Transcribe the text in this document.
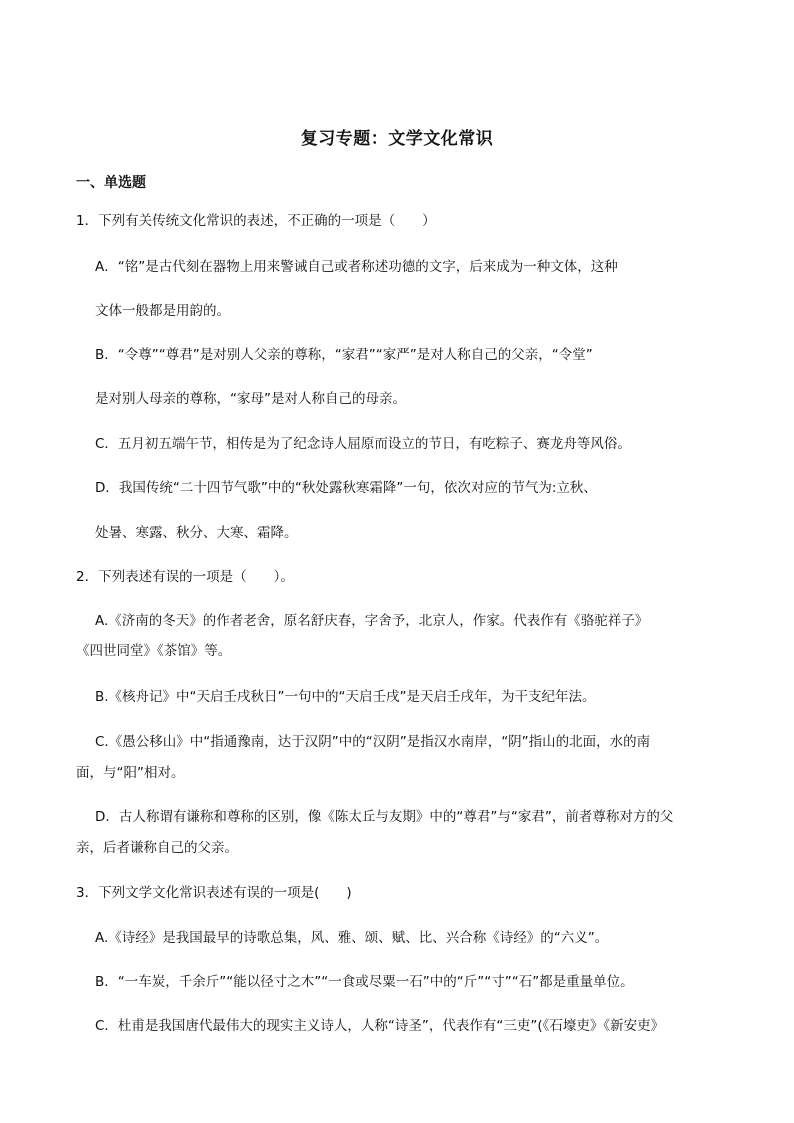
复习专题：文学文化常识
一、单选题
1．下列有关传统文化常识的表述，不正确的一项是（　　）
A．“铭”是古代刻在器物上用来警诫自己或者称述功德的文字，后来成为一种文体，这种
文体一般都是用韵的。
B．“令尊”“尊君”是对别人父亲的尊称，“家君”“家严”是对人称自己的父亲，“令堂”
是对别人母亲的尊称，“家母”是对人称自己的母亲。
C．五月初五端午节，相传是为了纪念诗人屈原而设立的节日，有吃粽子、赛龙舟等风俗。
D．我国传统“二十四节气歌”中的“秋处露秋寒霜降”一句，依次对应的节气为:立秋、
处暑、寒露、秋分、大寒、霜降。
2．下列表述有误的一项是（　　）。
A.《济南的冬天》的作者老舍，原名舒庆春，字舍予，北京人，作家。代表作有《骆驼祥子》
《四世同堂》《茶馆》等。
B.《核舟记》中“天启壬戌秋日”一句中的“天启壬戌”是天启壬戌年，为干支纪年法。
C.《愚公移山》中“指通豫南，达于汉阴”中的“汉阴”是指汉水南岸，“阴”指山的北面，水的南
面，与“阳”相对。
D．古人称谓有谦称和尊称的区别，像《陈太丘与友期》中的“尊君”与“家君”，前者尊称对方的父
亲，后者谦称自己的父亲。
3．下列文学文化常识表述有误的一项是(　　)
A.《诗经》是我国最早的诗歌总集，风、雅、颂、赋、比、兴合称《诗经》的“六义”。
B．“一车炭，千余斤”“能以径寸之木”“一食或尽粟一石”中的“斤”“寸”“石”都是重量单位。
C．杜甫是我国唐代最伟大的现实主义诗人，人称“诗圣”，代表作有“三吏”(《石壕吏》《新安吏》
